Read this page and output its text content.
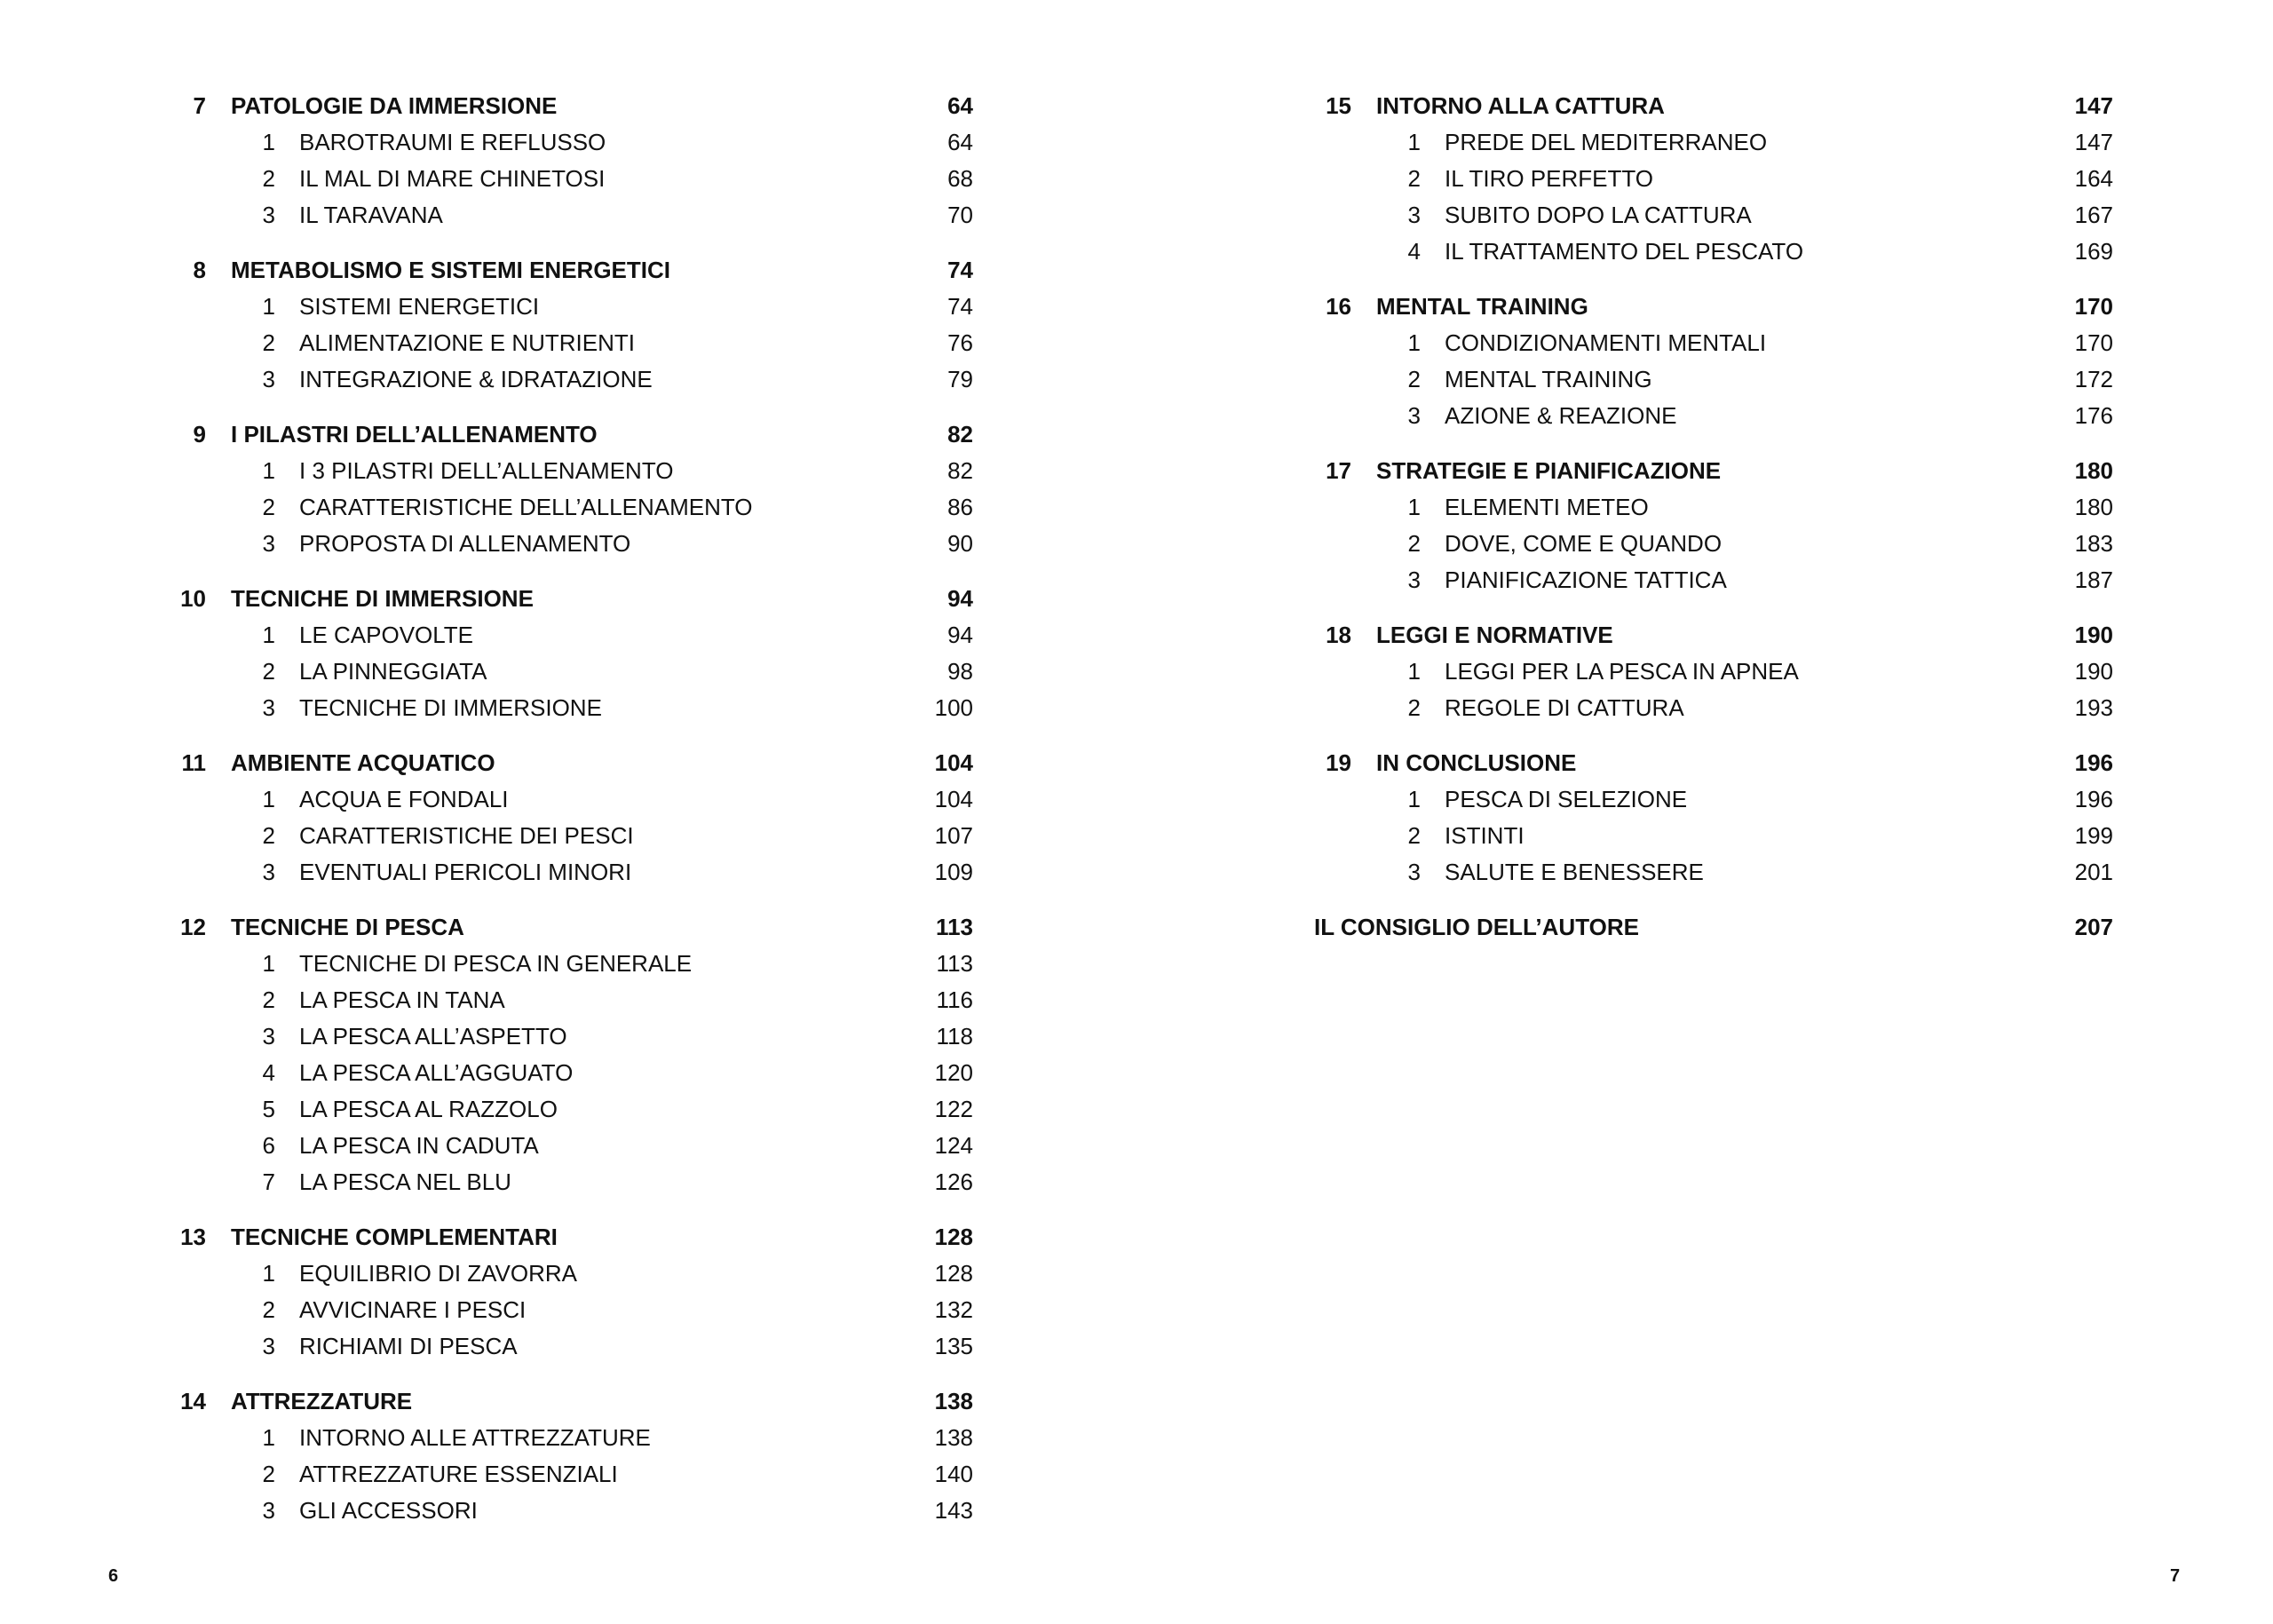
7 PATOLOGIE DA IMMERSIONE	64
1 BAROTRAUMI E REFLUSSO	64
2 IL MAL DI MARE CHINETOSI	68
3 IL TARAVANA	70
8 METABOLISMO E SISTEMI ENERGETICI	74
1 SISTEMI ENERGETICI	74
2 ALIMENTAZIONE E NUTRIENTI	76
3 INTEGRAZIONE & IDRATAZIONE	79
9 I PILASTRI DELL’ALLENAMENTO	82
1 I 3 PILASTRI DELL’ALLENAMENTO	82
2 CARATTERISTICHE DELL’ALLENAMENTO	86
3 PROPOSTA DI ALLENAMENTO	90
10 TECNICHE DI IMMERSIONE	94
1 LE CAPOVOLTE	94
2 LA PINNEGGIATA	98
3 TECNICHE DI IMMERSIONE	100
11 AMBIENTE ACQUATICO	104
1 ACQUA E FONDALI	104
2 CARATTERISTICHE DEI PESCI	107
3 EVENTUALI PERICOLI MINORI	109
12 TECNICHE DI PESCA	113
1 TECNICHE DI PESCA IN GENERALE	113
2 LA PESCA IN TANA	116
3 LA PESCA ALL’ASPETTO	118
4 LA PESCA ALL’AGGUATO	120
5 LA PESCA AL RAZZOLO	122
6 LA PESCA IN CADUTA	124
7 LA PESCA NEL BLU	126
13 TECNICHE COMPLEMENTARI	128
1 EQUILIBRIO DI ZAVORRA	128
2 AVVICINARE I PESCI	132
3 RICHIAMI DI PESCA	135
14 ATTREZZATURE	138
1 INTORNO ALLE ATTREZZATURE	138
2 ATTREZZATURE ESSENZIALI	140
3 GLI ACCESSORI	143
15 INTORNO ALLA CATTURA	147
1 PREDE DEL MEDITERRANEO	147
2 IL TIRO PERFETTO	164
3 SUBITO DOPO LA CATTURA	167
4 IL TRATTAMENTO DEL PESCATO	169
16 MENTAL TRAINING	170
1 CONDIZIONAMENTI MENTALI	170
2 MENTAL TRAINING	172
3 AZIONE & REAZIONE	176
17 STRATEGIE E PIANIFICAZIONE	180
1 ELEMENTI METEO	180
2 DOVE, COME E QUANDO	183
3 PIANIFICAZIONE TATTICA	187
18 LEGGI E NORMATIVE	190
1 LEGGI PER LA PESCA IN APNEA	190
2 REGOLE DI CATTURA	193
19 IN CONCLUSIONE	196
1 PESCA DI SELEZIONE	196
2 ISTINTI	199
3 SALUTE E BENESSERE	201
IL CONSIGLIO DELL’AUTORE	207
6	7
